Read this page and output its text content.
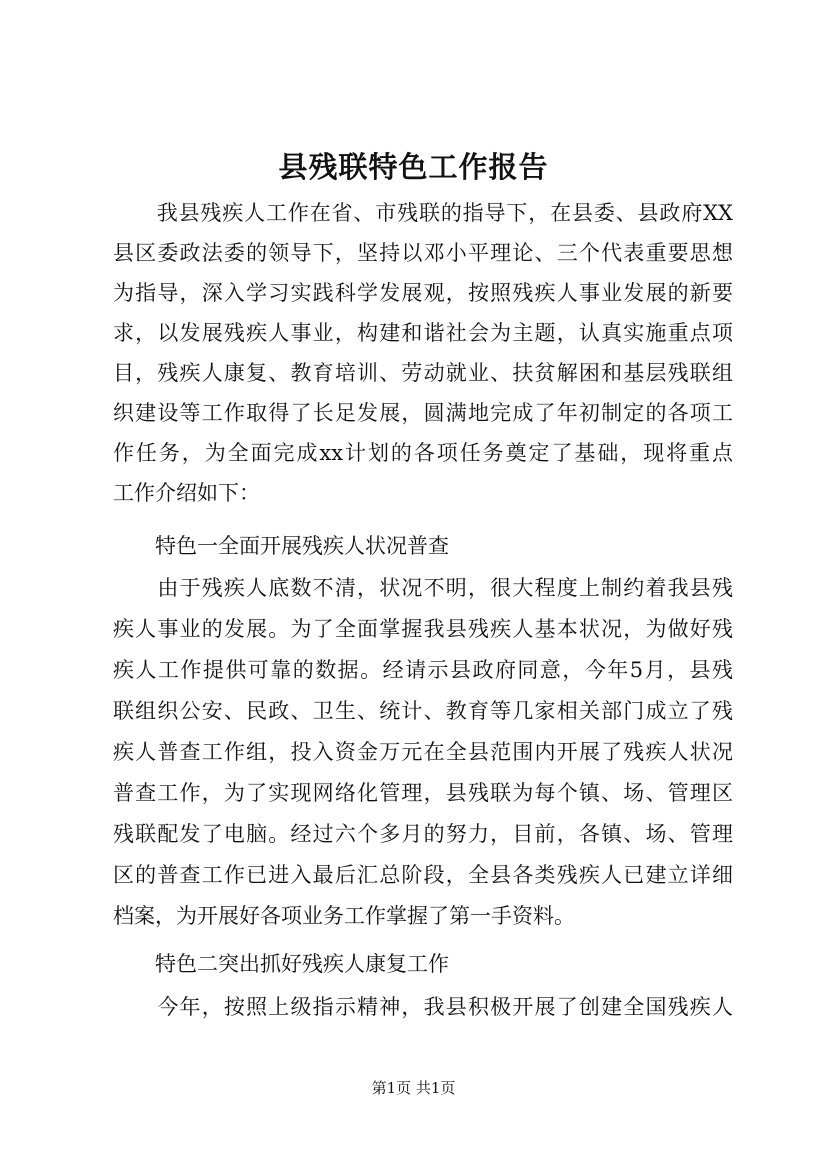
县残联特色工作报告
　　我县残疾人工作在省、市残联的指导下，在县委、县政府XX
县区委政法委的领导下，坚持以邓小平理论、三个代表重要思想
为指导，深入学习实践科学发展观，按照残疾人事业发展的新要
求，以发展残疾人事业，构建和谐社会为主题，认真实施重点项
目，残疾人康复、教育培训、劳动就业、扶贫解困和基层残联组
织建设等工作取得了长足发展，圆满地完成了年初制定的各项工
作任务，为全面完成xx计划的各项任务奠定了基础，现将重点
工作介绍如下：
　　特色一全面开展残疾人状况普查
　　由于残疾人底数不清，状况不明，很大程度上制约着我县残
疾人事业的发展。为了全面掌握我县残疾人基本状况，为做好残
疾人工作提供可靠的数据。经请示县政府同意，今年5月，县残
联组织公安、民政、卫生、统计、教育等几家相关部门成立了残
疾人普查工作组，投入资金万元在全县范围内开展了残疾人状况
普查工作，为了实现网络化管理，县残联为每个镇、场、管理区
残联配发了电脑。经过六个多月的努力，目前，各镇、场、管理
区的普查工作已进入最后汇总阶段，全县各类残疾人已建立详细
档案，为开展好各项业务工作掌握了第一手资料。
　　特色二突出抓好残疾人康复工作
　　今年，按照上级指示精神，我县积极开展了创建全国残疾人
第1页 共1页
